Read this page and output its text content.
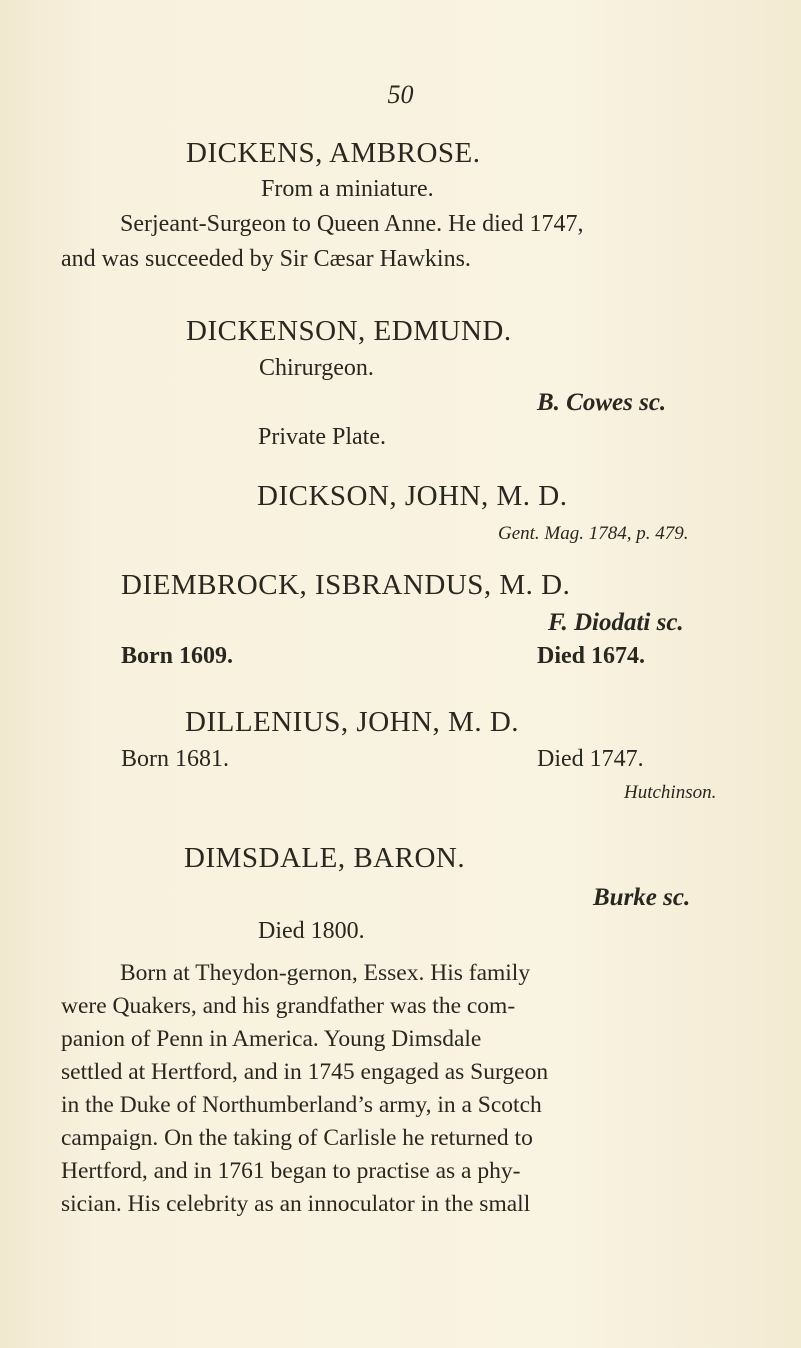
50
DICKENS, AMBROSE.
From a miniature.
Serjeant-Surgeon to Queen Anne. He died 1747,
and was succeeded by Sir Cæsar Hawkins.
DICKENSON, EDMUND.
Chirurgeon.
B. Cowes sc.
Private Plate.
DICKSON, JOHN, M. D.
Gent. Mag. 1784, p. 479.
DIEMBROCK, ISBRANDUS, M. D.
F. Diodati sc.
Born 1609.	Died 1674.
DILLENIUS, JOHN, M. D.
Born 1681.	Died 1747.
Hutchinson.
DIMSDALE, BARON.
Burke sc.
Died 1800.
Born at Theydon-gernon, Essex. His family
were Quakers, and his grandfather was the com-
panion of Penn in America. Young Dimsdale
settled at Hertford, and in 1745 engaged as Surgeon
in the Duke of Northumberland’s army, in a Scotch
campaign. On the taking of Carlisle he returned to
Hertford, and in 1761 began to practise as a phy-
sician. His celebrity as an innoculator in the small
